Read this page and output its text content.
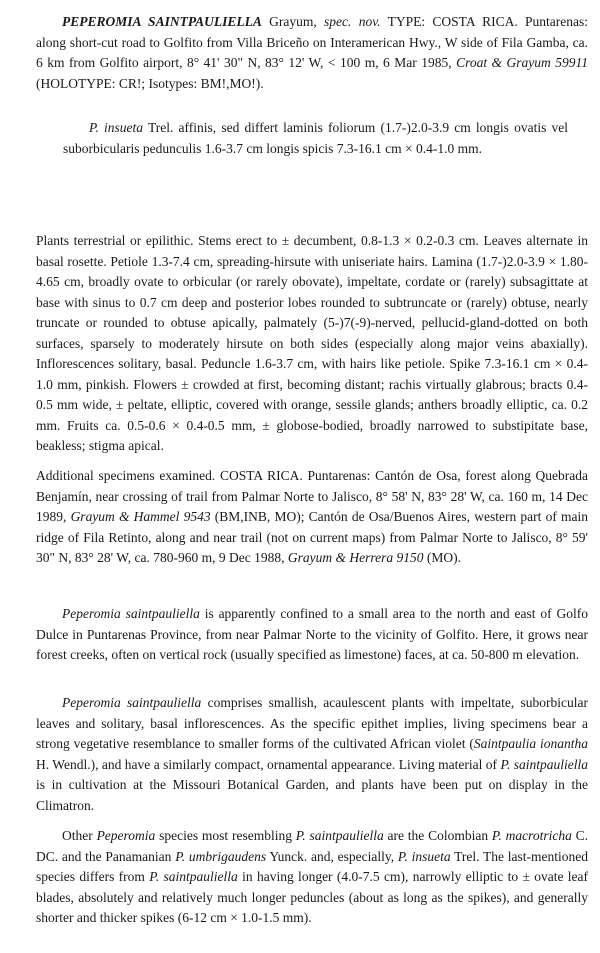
PEPEROMIA SAINTPAULIELLA Grayum, spec. nov. TYPE: COSTA RICA. Puntarenas: along short-cut road to Golfito from Villa Briceño on Interamerican Hwy., W side of Fila Gamba, ca. 6 km from Golfito airport, 8° 41' 30" N, 83° 12' W, < 100 m, 6 Mar 1985, Croat & Grayum 59911 (HOLOTYPE: CR!; Isotypes: BM!,MO!).

P. insueta Trel. affinis, sed differt laminis foliorum (1.7-)2.0-3.9 cm longis ovatis vel suborbicularis pedunculis 1.6-3.7 cm longis spicis 7.3-16.1 cm × 0.4-1.0 mm.

Plants terrestrial or epilithic. Stems erect to ± decumbent, 0.8-1.3 × 0.2-0.3 cm. Leaves alternate in basal rosette. Petiole 1.3-7.4 cm, spreading-hirsute with uniseriate hairs. Lamina (1.7-)2.0-3.9 × 1.80-4.65 cm, broadly ovate to orbicular (or rarely obovate), impeltate, cordate or (rarely) subsagittate at base with sinus to 0.7 cm deep and posterior lobes rounded to subtruncate or (rarely) obtuse, nearly truncate or rounded to obtuse apically, palmately (5-)7(-9)-nerved, pellucid-gland-dotted on both surfaces, sparsely to moderately hirsute on both sides (especially along major veins abaxially). Inflorescences solitary, basal. Peduncle 1.6-3.7 cm, with hairs like petiole. Spike 7.3-16.1 cm × 0.4-1.0 mm, pinkish. Flowers ± crowded at first, becoming distant; rachis virtually glabrous; bracts 0.4-0.5 mm wide, ± peltate, elliptic, covered with orange, sessile glands; anthers broadly elliptic, ca. 0.2 mm. Fruits ca. 0.5-0.6 × 0.4-0.5 mm, ± globose-bodied, broadly narrowed to substipitate base, beakless; stigma apical.

Additional specimens examined. COSTA RICA. Puntarenas: Cantón de Osa, forest along Quebrada Benjamín, near crossing of trail from Palmar Norte to Jalisco, 8° 58' N, 83° 28' W, ca. 160 m, 14 Dec 1989, Grayum & Hammel 9543 (BM,INB, MO); Cantón de Osa/Buenos Aires, western part of main ridge of Fila Retinto, along and near trail (not on current maps) from Palmar Norte to Jalisco, 8° 59' 30" N, 83° 28' W, ca. 780-960 m, 9 Dec 1988, Grayum & Herrera 9150 (MO).

Peperomia saintpauliella is apparently confined to a small area to the north and east of Golfo Dulce in Puntarenas Province, from near Palmar Norte to the vicinity of Golfito. Here, it grows near forest creeks, often on vertical rock (usually specified as limestone) faces, at ca. 50-800 m elevation.

Peperomia saintpauliella comprises smallish, acaulescent plants with impeltate, suborbicular leaves and solitary, basal inflorescences. As the specific epithet implies, living specimens bear a strong vegetative resemblance to smaller forms of the cultivated African violet (Saintpaulia ionantha H. Wendl.), and have a similarly compact, ornamental appearance. Living material of P. saintpauliella is in cultivation at the Missouri Botanical Garden, and plants have been put on display in the Climatron.

Other Peperomia species most resembling P. saintpauliella are the Colombian P. macrotricha C. DC. and the Panamanian P. umbrigaudens Yunck. and, especially, P. insueta Trel. The last-mentioned species differs from P. saintpauliella in having longer (4.0-7.5 cm), narrowly elliptic to ± ovate leaf blades, absolutely and relatively much longer peduncles (about as long as the spikes), and generally shorter and thicker spikes (6-12 cm × 1.0-1.5 mm).
